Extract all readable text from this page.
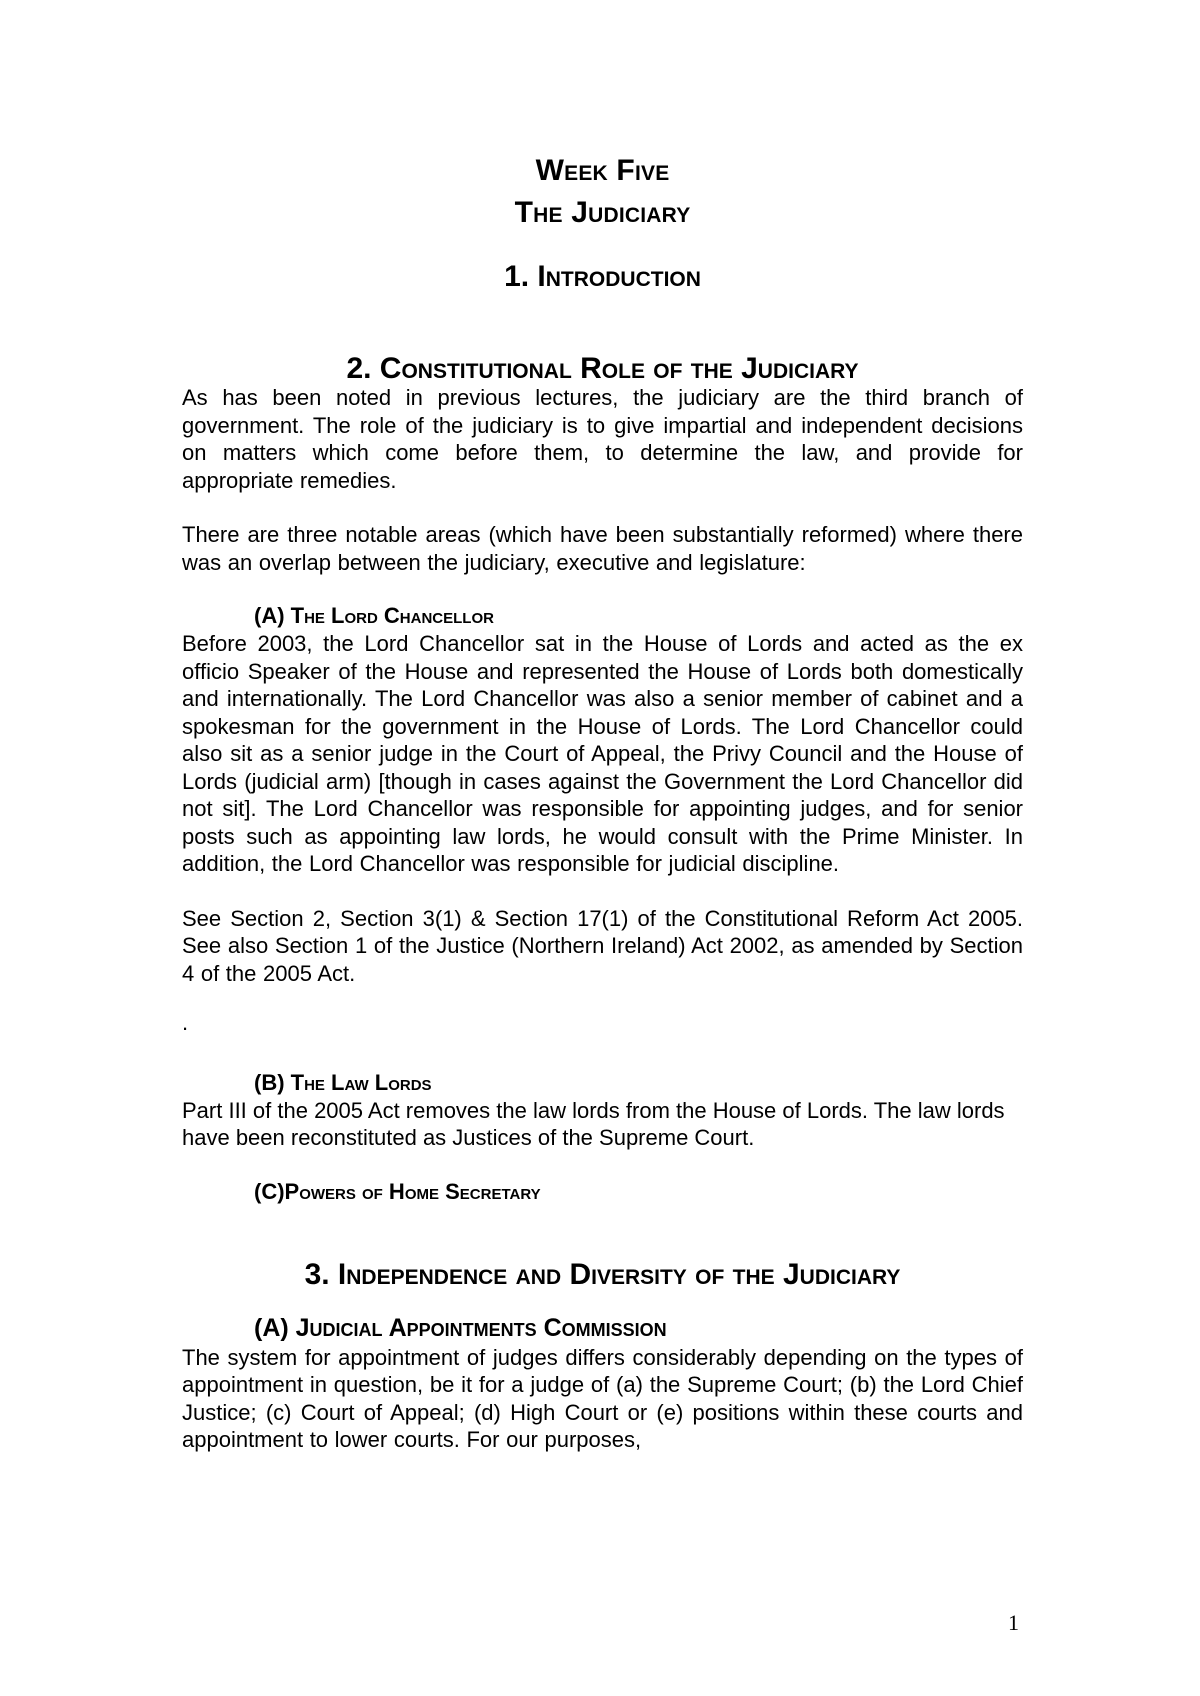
Week Five
The Judiciary
1. Introduction
2. Constitutional Role of the Judiciary

As has been noted in previous lectures, the judiciary are the third branch of government. The role of the judiciary is to give impartial and independent decisions on matters which come before them, to determine the law, and provide for appropriate remedies.

There are three notable areas (which have been substantially reformed) where there was an overlap between the judiciary, executive and legislature:

(A) The Lord Chancellor

Before 2003, the Lord Chancellor sat in the House of Lords and acted as the ex officio Speaker of the House and represented the House of Lords both domestically and internationally. The Lord Chancellor was also a senior member of cabinet and a spokesman for the government in the House of Lords. The Lord Chancellor could also sit as a senior judge in the Court of Appeal, the Privy Council and the House of Lords (judicial arm) [though in cases against the Government the Lord Chancellor did not sit]. The Lord Chancellor was responsible for appointing judges, and for senior posts such as appointing law lords, he would consult with the Prime Minister. In addition, the Lord Chancellor was responsible for judicial discipline.

See Section 2, Section 3(1) & Section 17(1) of the Constitutional Reform Act 2005. See also Section 1 of the Justice (Northern Ireland) Act 2002, as amended by Section 4 of the 2005 Act.

.

(B) The Law Lords

Part III of the 2005 Act removes the law lords from the House of Lords. The law lords have been reconstituted as Justices of the Supreme Court.

(C)Powers of Home Secretary
3. Independence and Diversity of the Judiciary
(A) Judicial Appointments Commission

The system for appointment of judges differs considerably depending on the types of appointment in question, be it for a judge of (a) the Supreme Court; (b) the Lord Chief Justice; (c) Court of Appeal; (d) High Court or (e) positions within these courts and appointment to lower courts. For our purposes,

1
